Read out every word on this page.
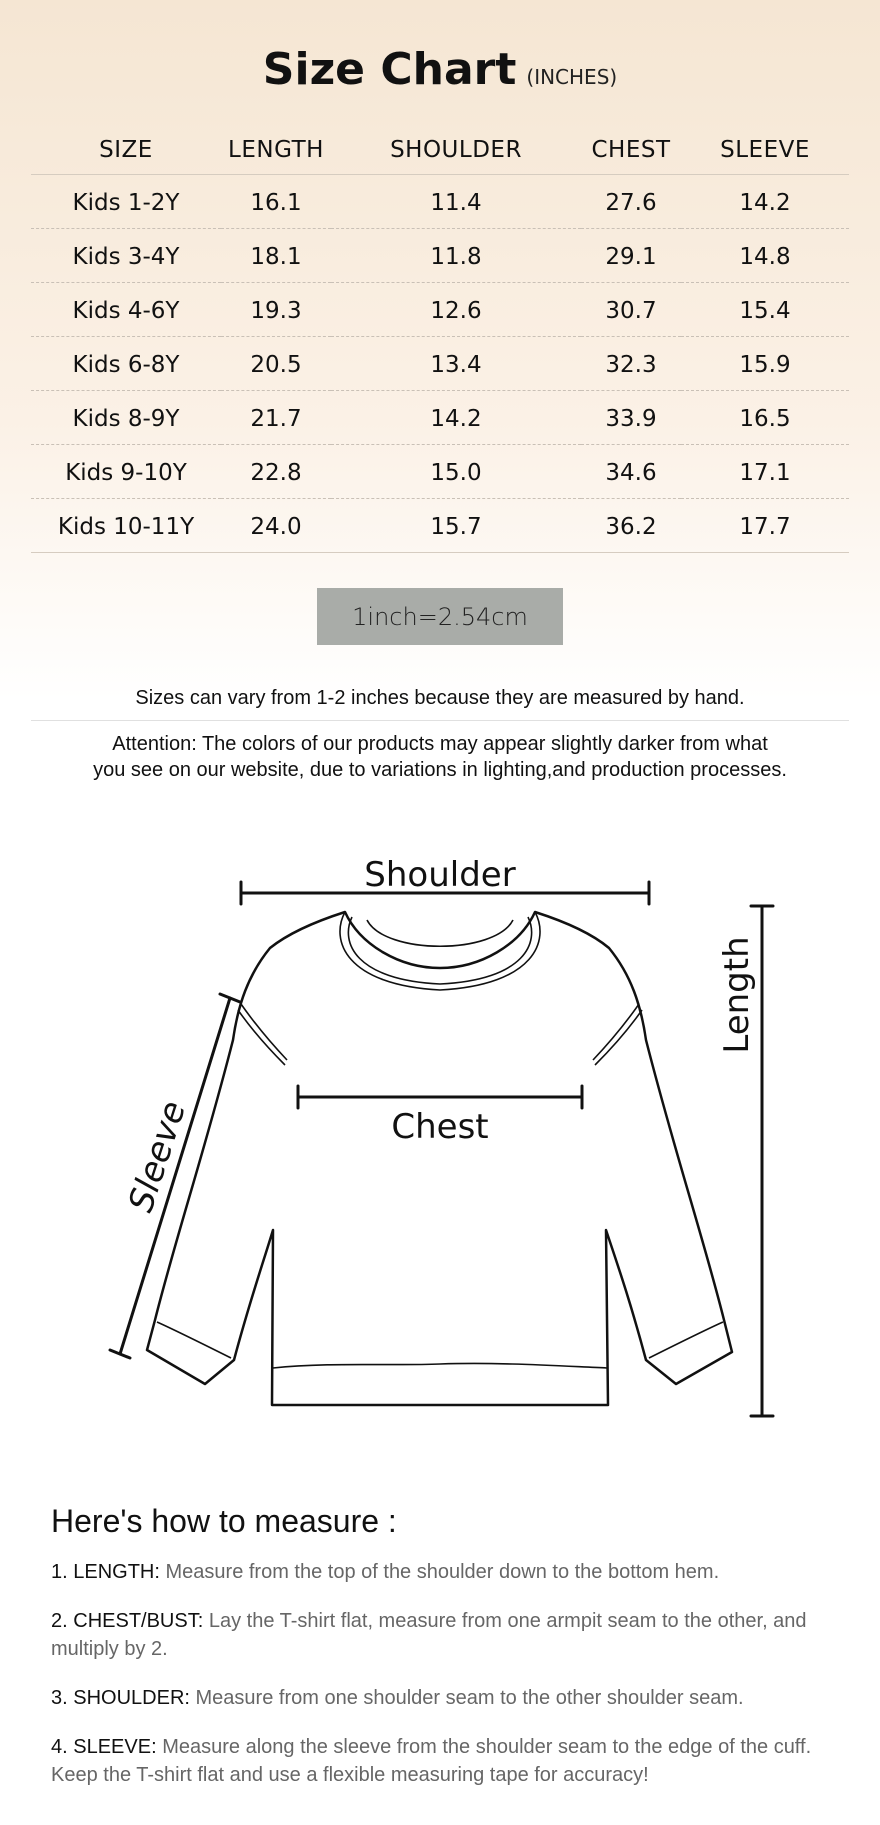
Size Chart (INCHES)
SIZE	LENGTH	SHOULDER	CHEST	SLEEVE
Kids 1-2Y	16.1	11.4	27.6	14.2
Kids 3-4Y	18.1	11.8	29.1	14.8
Kids 4-6Y	19.3	12.6	30.7	15.4
Kids 6-8Y	20.5	13.4	32.3	15.9
Kids 8-9Y	21.7	14.2	33.9	16.5
Kids 9-10Y	22.8	15.0	34.6	17.1
Kids 10-11Y	24.0	15.7	36.2	17.7
1inch=2.54cm
Sizes can vary from 1-2 inches because they are measured by hand.
Attention: The colors of our products may appear slightly darker from what
you see on our website, due to variations in lighting,and production processes.
Shoulder
Chest
Length
Sleeve
Here's how to measure :
1. LENGTH: Measure from the top of the shoulder down to the bottom hem.
2. CHEST/BUST: Lay the T-shirt flat, measure from one armpit seam to the other, and multiply by 2.
3. SHOULDER: Measure from one shoulder seam to the other shoulder seam.
4. SLEEVE: Measure along the sleeve from the shoulder seam to the edge of the cuff. Keep the T-shirt flat and use a flexible measuring tape for accuracy!
